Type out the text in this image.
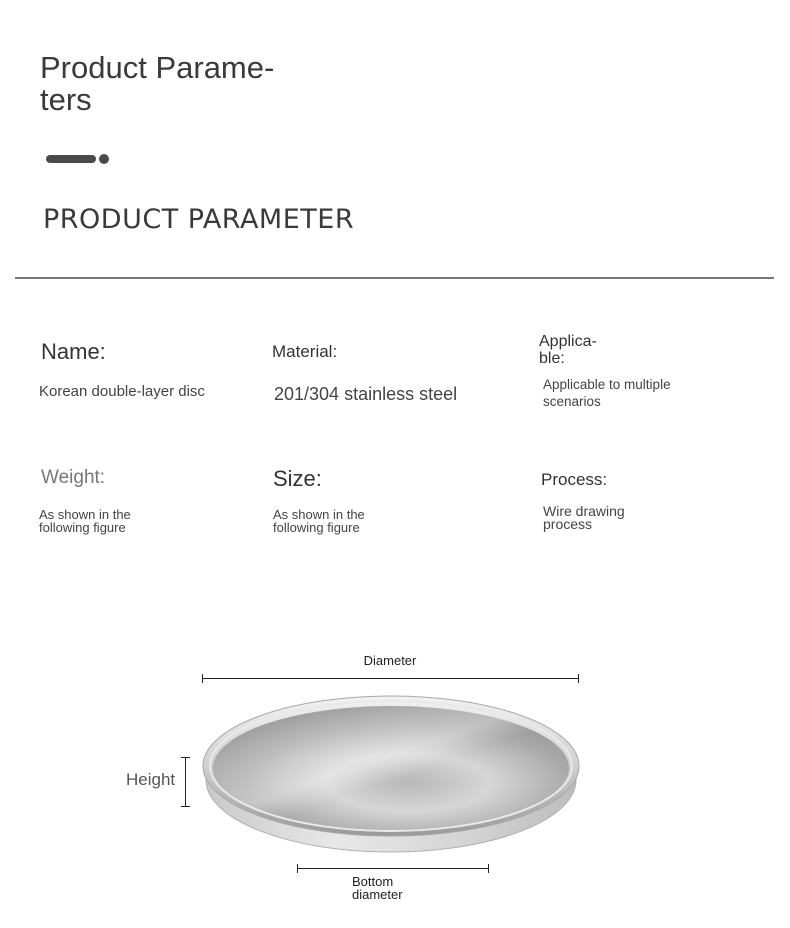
Product Parame-
ters
PRODUCT PARAMETER
Name:
Korean double-layer disc
Material:
201/304 stainless steel
Applica-
ble:
Applicable to multiple scenarios
Weight:
As shown in the following figure
Size:
As shown in the following figure
Process:
Wire drawing process
Diameter
Height
Bottom diameter
